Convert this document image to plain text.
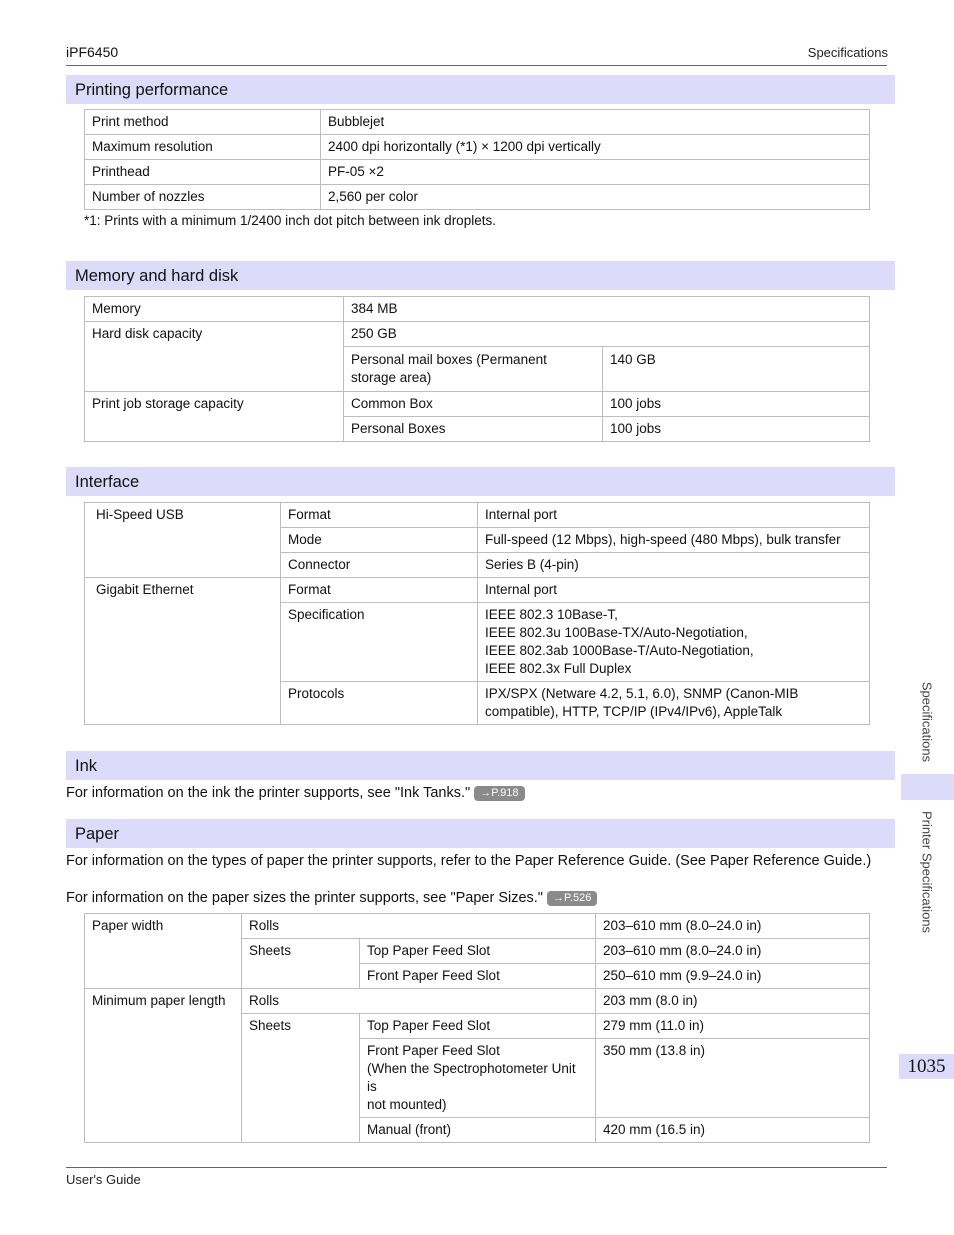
iPF6450	Specifications
User's Guide
Specifications
Printer Specifications
1035
Printing performance
Print method	Bubblejet
Maximum resolution	2400 dpi horizontally (*1) × 1200 dpi vertically
Printhead	PF-05 ×2
Number of nozzles	2,560 per color
*1: Prints with a minimum 1/2400 inch dot pitch between ink droplets.
Memory and hard disk
Memory	384 MB	
Hard disk capacity	250 GB	
	Personal mail boxes (Permanent storage area)	140 GB
Print job storage capacity	Common Box	100 jobs
	Personal Boxes	100 jobs
Interface
Hi-Speed USB	Format	Internal port
	Mode	Full-speed (12 Mbps), high-speed (480 Mbps), bulk transfer
	Connector	Series B (4-pin)
Gigabit Ethernet	Format	Internal port
	Specification	IEEE 802.3 10Base-T,
IEEE 802.3u 100Base-TX/Auto-Negotiation,
IEEE 802.3ab 1000Base-T/Auto-Negotiation,
IEEE 802.3x Full Duplex

	Protocols	IPX/SPX (Netware 4.2, 5.1, 6.0), SNMP (Canon-MIB compatible), HTTP, TCP/IP (IPv4/IPv6), AppleTalk
Ink
For information on the ink the printer supports, see "Ink Tanks." →P.918
Paper
For information on the types of paper the printer supports, refer to the Paper Reference Guide. (See Paper Reference Guide.)
For information on the paper sizes the printer supports, see "Paper Sizes." →P.526
Paper width	Rolls		203–610 mm (8.0–24.0 in)
	Sheets	Top Paper Feed Slot	203–610 mm (8.0–24.0 in)
		Front Paper Feed Slot	250–610 mm (9.9–24.0 in)
Minimum paper length	Rolls		203 mm (8.0 in)
	Sheets	Top Paper Feed Slot	279 mm (11.0 in)

		Front Paper Feed Slot
(When the Spectrophotometer Unit is
not mounted)	350 mm (13.8 in)
		Manual (front)	420 mm (16.5 in)
